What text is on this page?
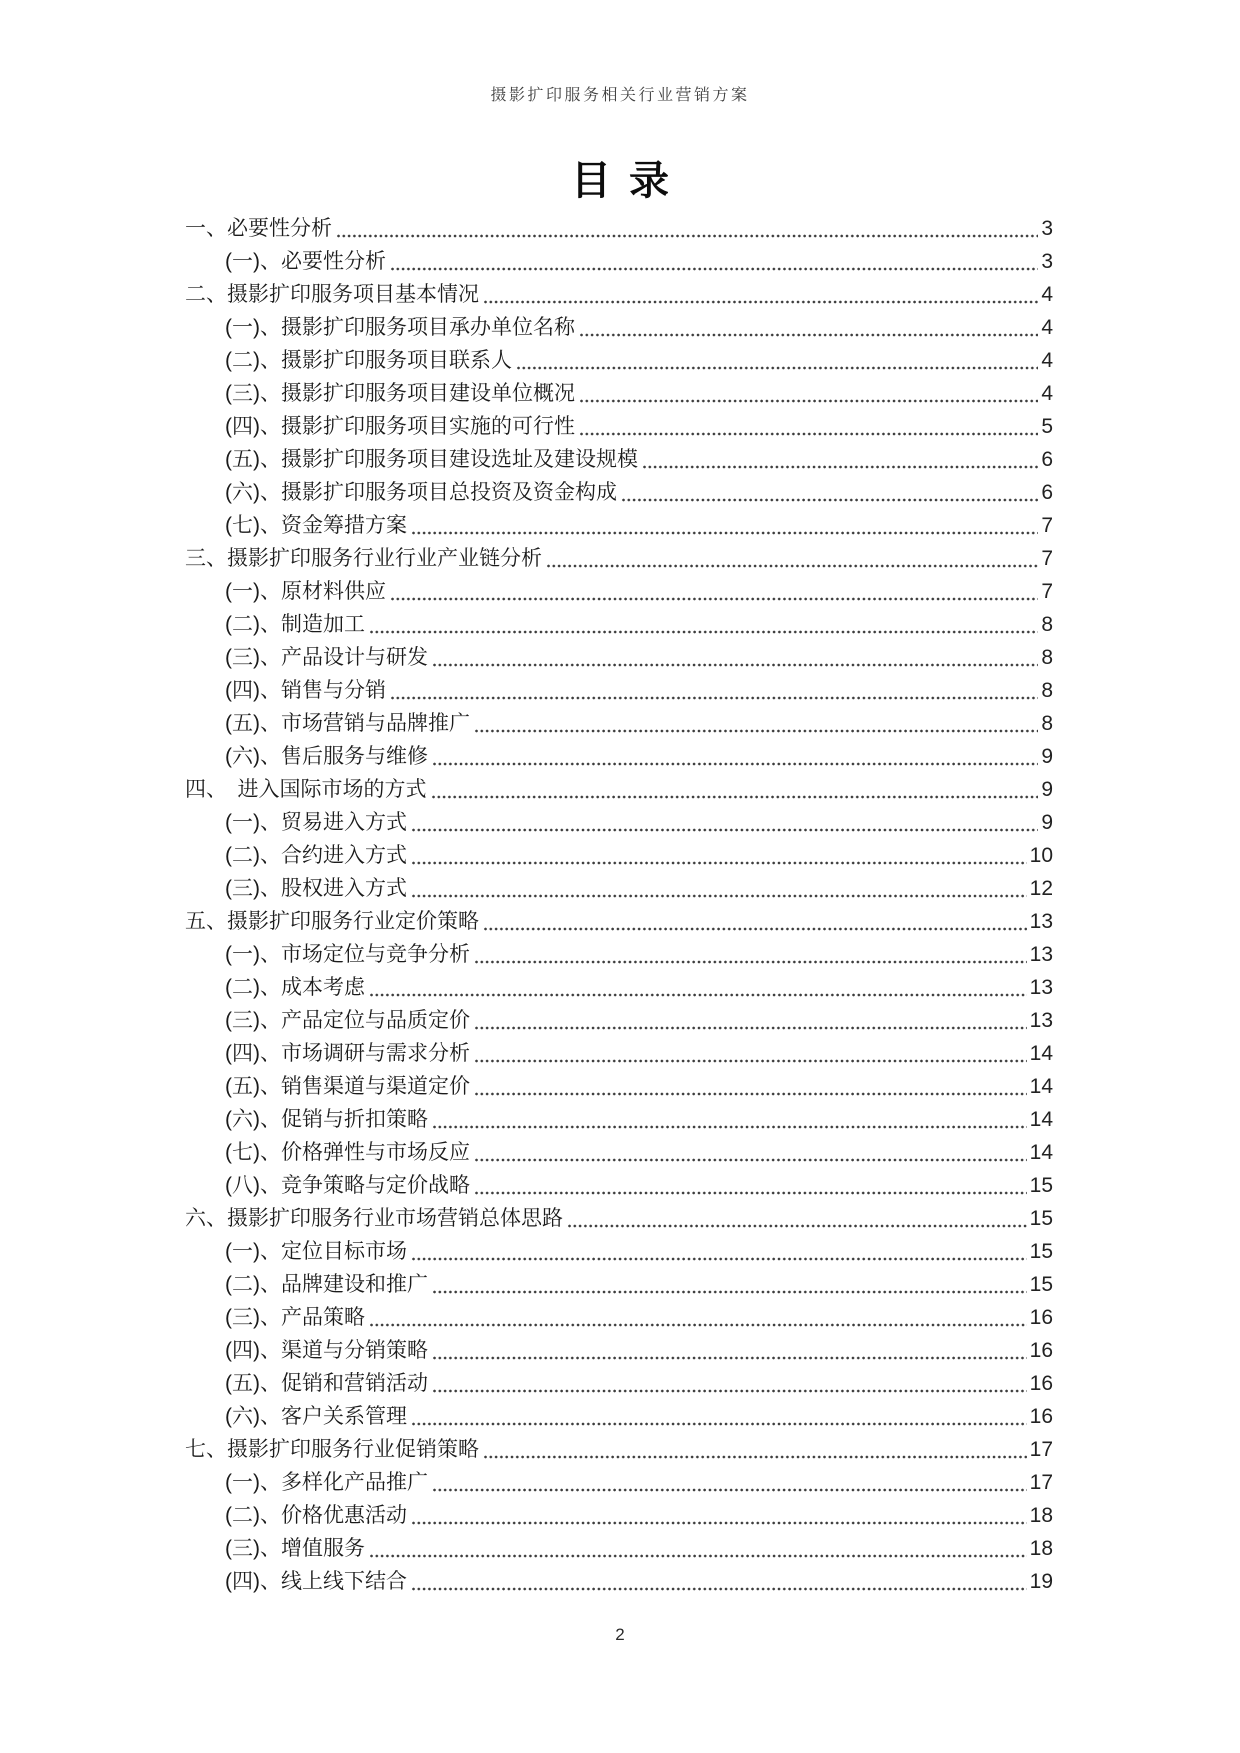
摄影扩印服务相关行业营销方案
目录
一、必要性分析	3
(一)、必要性分析	3
二、摄影扩印服务项目基本情况	4
(一)、摄影扩印服务项目承办单位名称	4
(二)、摄影扩印服务项目联系人	4
(三)、摄影扩印服务项目建设单位概况	4
(四)、摄影扩印服务项目实施的可行性	5
(五)、摄影扩印服务项目建设选址及建设规模	6
(六)、摄影扩印服务项目总投资及资金构成	6
(七)、资金筹措方案	7
三、摄影扩印服务行业行业产业链分析	7
(一)、原材料供应	7
(二)、制造加工	8
(三)、产品设计与研发	8
(四)、销售与分销	8
(五)、市场营销与品牌推广	8
(六)、售后服务与维修	9
四、　进入国际市场的方式	9
(一)、贸易进入方式	9
(二)、合约进入方式	10
(三)、股权进入方式	12
五、摄影扩印服务行业定价策略	13
(一)、市场定位与竞争分析	13
(二)、成本考虑	13
(三)、产品定位与品质定价	13
(四)、市场调研与需求分析	14
(五)、销售渠道与渠道定价	14
(六)、促销与折扣策略	14
(七)、价格弹性与市场反应	14
(八)、竞争策略与定价战略	15
六、摄影扩印服务行业市场营销总体思路	15
(一)、定位目标市场	15
(二)、品牌建设和推广	15
(三)、产品策略	16
(四)、渠道与分销策略	16
(五)、促销和营销活动	16
(六)、客户关系管理	16
七、摄影扩印服务行业促销策略	17
(一)、多样化产品推广	17
(二)、价格优惠活动	18
(三)、增值服务	18
(四)、线上线下结合	19
2
